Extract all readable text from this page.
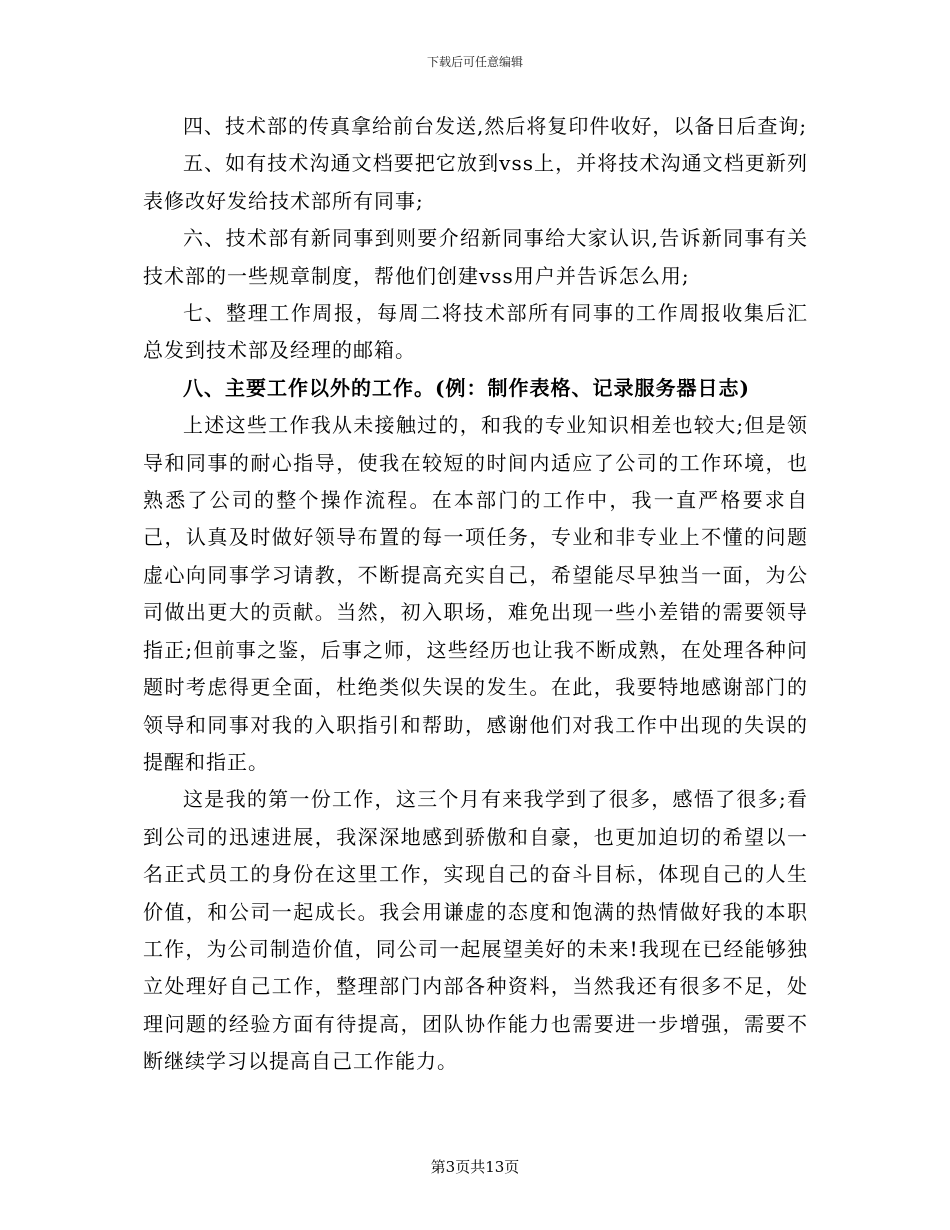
下载后可任意编辑

四、技术部的传真拿给前台发送,然后将复印件收好，以备日后查询;

五、如有技术沟通文档要把它放到vss上，并将技术沟通文档更新列表修改好发给技术部所有同事;

六、技术部有新同事到则要介绍新同事给大家认识,告诉新同事有关技术部的一些规章制度，帮他们创建vss用户并告诉怎么用;

七、整理工作周报，每周二将技术部所有同事的工作周报收集后汇总发到技术部及经理的邮箱。

八、主要工作以外的工作。(例：制作表格、记录服务器日志)

上述这些工作我从未接触过的，和我的专业知识相差也较大;但是领导和同事的耐心指导，使我在较短的时间内适应了公司的工作环境，也熟悉了公司的整个操作流程。在本部门的工作中，我一直严格要求自己，认真及时做好领导布置的每一项任务，专业和非专业上不懂的问题虚心向同事学习请教，不断提高充实自己，希望能尽早独当一面，为公司做出更大的贡献。当然，初入职场，难免出现一些小差错的需要领导指正;但前事之鉴，后事之师，这些经历也让我不断成熟，在处理各种问题时考虑得更全面，杜绝类似失误的发生。在此，我要特地感谢部门的领导和同事对我的入职指引和帮助，感谢他们对我工作中出现的失误的提醒和指正。

这是我的第一份工作，这三个月有来我学到了很多，感悟了很多;看到公司的迅速进展，我深深地感到骄傲和自豪，也更加迫切的希望以一名正式员工的身份在这里工作，实现自己的奋斗目标，体现自己的人生价值，和公司一起成长。我会用谦虚的态度和饱满的热情做好我的本职工作，为公司制造价值，同公司一起展望美好的未来!我现在已经能够独立处理好自己工作，整理部门内部各种资料，当然我还有很多不足，处理问题的经验方面有待提高，团队协作能力也需要进一步增强，需要不断继续学习以提高自己工作能力。

第3页共13页
